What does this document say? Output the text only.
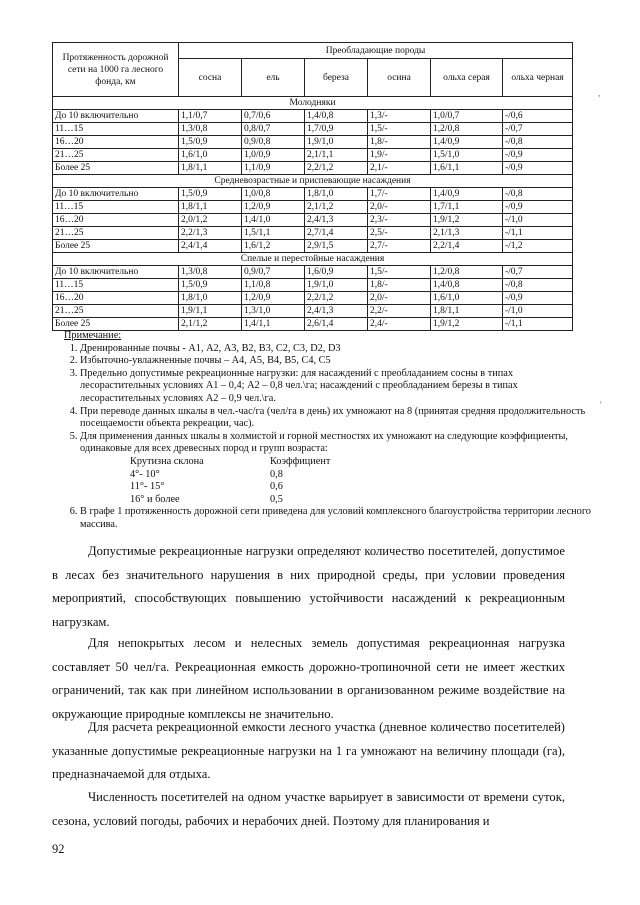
Протяженность дорожной сети на 1000 га лесного фонда, км	Преобладающие породы					
	сосна	ель	береза	осина	ольха серая	ольха черная
Молодняки						
До 10 включительно	1,1/0,7	0,7/0,6	1,4/0,8	1,3/-	1,0/0,7	-/0,6
11…15	1,3/0,8	0,8/0,7	1,7/0,9	1,5/-	1,2/0,8	-/0,7
16…20	1,5/0,9	0,9/0,8	1,9/1,0	1,8/-	1,4/0,9	-/0,8
21…25	1,6/1,0	1,0/0,9	2,1/1,1	1,9/-	1,5/1,0	-/0,9
Более 25	1,8/1,1	1,1/0,9	2,2/1,2	2,1/-	1,6/1,1	-/0,9
Средневозрастные и приспевающие насаждения						
До 10 включительно	1,5/0,9	1,0/0,8	1,8/1,0	1,7/-	1,4/0,9	-/0,8
11…15	1,8/1,1	1,2/0,9	2,1/1,2	2,0/-	1,7/1,1	-/0,9
16…20	2,0/1,2	1,4/1,0	2,4/1,3	2,3/-	1,9/1,2	-/1,0
21…25	2,2/1,3	1,5/1,1	2,7/1,4	2,5/-	2,1/1,3	-/1,1
Более 25	2,4/1,4	1,6/1,2	2,9/1,5	2,7/-	2,2/1,4	-/1,2
Спелые и перестойные насаждения						
До 10 включительно	1,3/0,8	0,9/0,7	1,6/0,9	1,5/-	1,2/0,8	-/0,7
11…15	1,5/0,9	1,1/0,8	1,9/1,0	1,8/-	1,4/0,8	-/0,8
16…20	1,8/1,0	1,2/0,9	2,2/1,2	2,0/-	1,6/1,0	-/0,9
21…25	1,9/1,1	1,3/1,0	2,4/1,3	2,2/-	1,8/1,1	-/1,0
Более 25	2,1/1,2	1,4/1,1	2,6/1,4	2,4/-	1,9/1,2	-/1,1
Примечание:
1. Дренированные почвы - А1, А2, А3, В2, В3, С2, С3, D2, D3
2. Избыточно-увлажненные почвы – А4, А5, В4, В5, С4, С5
3. Предельно допустимые рекреационные нагрузки: для насаждений с преобладанием сосны в типах лесорастительных условиях А1 – 0,4; А2 – 0,8 чел.\га; насаждений с преобладанием березы в типах лесорастительных условиях А2 – 0,9 чел.\га.
4. При переводе данных шкалы в чел.-час/га (чел/га в день) их умножают на 8 (принятая средняя продолжительность посещаемости объекта рекреации, час).
5. Для применения данных шкалы в холмистой и горной местностях их умножают на следующие коэффициенты, одинаковые для всех древесных пород и групп возраста:
Крутизна склона	Коэффициент
4°- 10°	0,8
11°- 15°	0,6
16° и более	0,5
6. В графе 1 протяженность дорожной сети приведена для условий комплексного благоустройства территории лесного массива.

Допустимые рекреационные нагрузки определяют количество посетителей, допустимое в лесах без значительного нарушения в них природной среды, при условии проведения мероприятий, способствующих повышению устойчивости насаждений к рекреационным нагрузкам.

Для непокрытых лесом и нелесных земель допустимая рекреационная нагрузка составляет 50 чел/га. Рекреационная емкость дорожно-тропиночной сети не имеет жестких ограничений, так как при линейном использовании в организованном режиме воздействие на окружающие природные комплексы не значительно.

Для расчета рекреационной емкости лесного участка (дневное количество посетителей) указанные допустимые рекреационные нагрузки на 1 га умножают на величину площади (га), предназначаемой для отдыха.

Численность посетителей на одном участке варьирует в зависимости от времени суток, сезона, условий погоды, рабочих и нерабочих дней. Поэтому для планирования и

92
,
'
